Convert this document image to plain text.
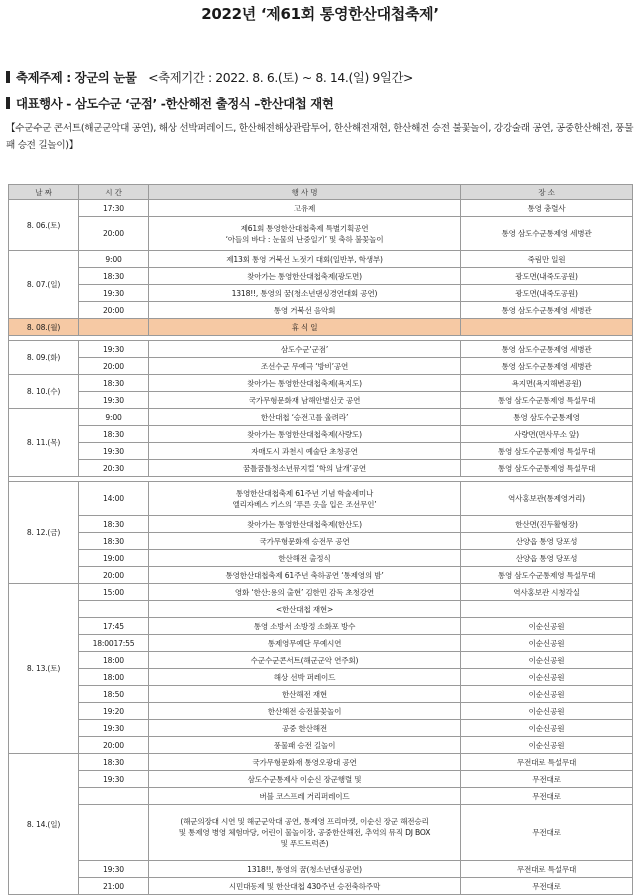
2022년 ‘제61회 통영한산대첩축제’
축제주제 : 장군의 눈물 <축제기간 : 2022. 8. 6.(토) ~ 8. 14.(일) 9일간>
대표행사 - 삼도수군 ‘군점’ -한산해전 출정식 –한산대첩 재현
【수군수군 콘서트(해군군악대 공연), 해상 선박퍼레이드, 한산해전해상관람투어, 한산해전재현, 한산해전 승전 불꽃놀이, 강강술래 공연, 공중한산해전, 풍물패 승전 길놀이)】
날 짜	시 간	행 사 명	장 소
8. 06.(토)	17:30	고유제	통영 충렬사
	20:00	제61회 통영한산대첩축제 특별기획공연
‘아들의 바다 : 눈물의 난중일기’ 및 축하 불꽃놀이	통영 삼도수군통제영 세병관
8. 07.(일)	9:00	제13회 통영 거북선 노젓기 대회(일반부, 학생부)	죽림만 일원
	18:30	찾아가는 통영한산대첩축제(광도면)	광도면(내죽도공원)
	19:30	1318!!, 통영의 꿈(청소년댄싱경연대회 공연)	광도면(내죽도공원)
	20:00	통영 거북선 음악회	통영 삼도수군통제영 세병관
8. 08.(월)		휴 식 일	

8. 09.(화)	19:30	삼도수군‘군점’	통영 삼도수군통제영 세병관
	20:00	조선수군 무예극 ‘방비’공연	통영 삼도수군통제영 세병관
8. 10.(수)	18:30	찾아가는 통영한산대첩축제(욕지도)	욕지면(욕지해변공원)
	19:30	국가무형문화재 남해안별신굿 공연	통영 삼도수군통제영 특설무대
8. 11.(목)	9:00	한산대첩 ‘승전고를 울려라’	통영 삼도수군통제영
	18:30	찾아가는 통영한산대첩축제(사량도)	사량면(면사무소 앞)
	19:30	자매도시 과천시 예술단 초청공연	통영 삼도수군통제영 특설무대
	20:30	꿈틀꿈틀청소년뮤지컬 ‘학의 날개’공연	통영 삼도수군통제영 특설무대

8. 12.(금)	14:00	통영한산대첩축제 61주년 기념 학술세미나
엘리자베스 키스의 ‘푸른 옷을 입은 조선무인’	역사홍보관(통제영거리)
	18:30	찾아가는 통영한산대첩축제(한산도)	한산면(진두활형장)
	18:30	국가무형문화재 승전무 공연	산양읍 통영 당포성
	19:00	한산해전 출정식	산양읍 통영 당포성
	20:00	통영한산대첩축제 61주년 축하공연 ‘통제영의 밤’	통영 삼도수군통제영 특설무대
8. 13.(토)	15:00	영화 ‘한산:용의 출현’ 김한민 감독 초청강연	역사홍보관 시청각실

		<한산대첩 재현>	

	17:45	통영 소방서 소방정 소화포 방수	이순신공원
	18:0017:55	통제영무예단 무예시연	이순신공원
	18:00	수군수군콘서트(해군군악 연주회)	이순신공원
	18:00	해상 선박 퍼레이드	이순신공원
	18:50	한산해전 재현	이순신공원
	19:20	한산해전 승전불꽃놀이	이순신공원
	19:30	공중 한산해전	이순신공원
	20:00	풍물패 승전 길놀이	이순신공원
8. 14.(일)	18:30	국가무형문화재 통영오광대 공연	무전대로 특설무대
	19:30	삼도수군통제사 이순신 장군행렬 및	무전대로

		버블 코스프레 거리퍼레이드	무전대로

		(해군의장대 시연 및 해군군악대 공연, 통제영 프리마켓, 이순신 장군 해전승리
및 통제영 병영 체험마당, 어린이 물놀이장, 공중한산해전, 추억의 뮤직 DJ BOX
및 푸드트럭존)	무전대로
	19:30	1318!!, 통영의 꿈(청소년댄싱공연)	무전대로 특설무대
	21:00	시민대동제 및 한산대첩 430주년 승전축하주막	무전대로
